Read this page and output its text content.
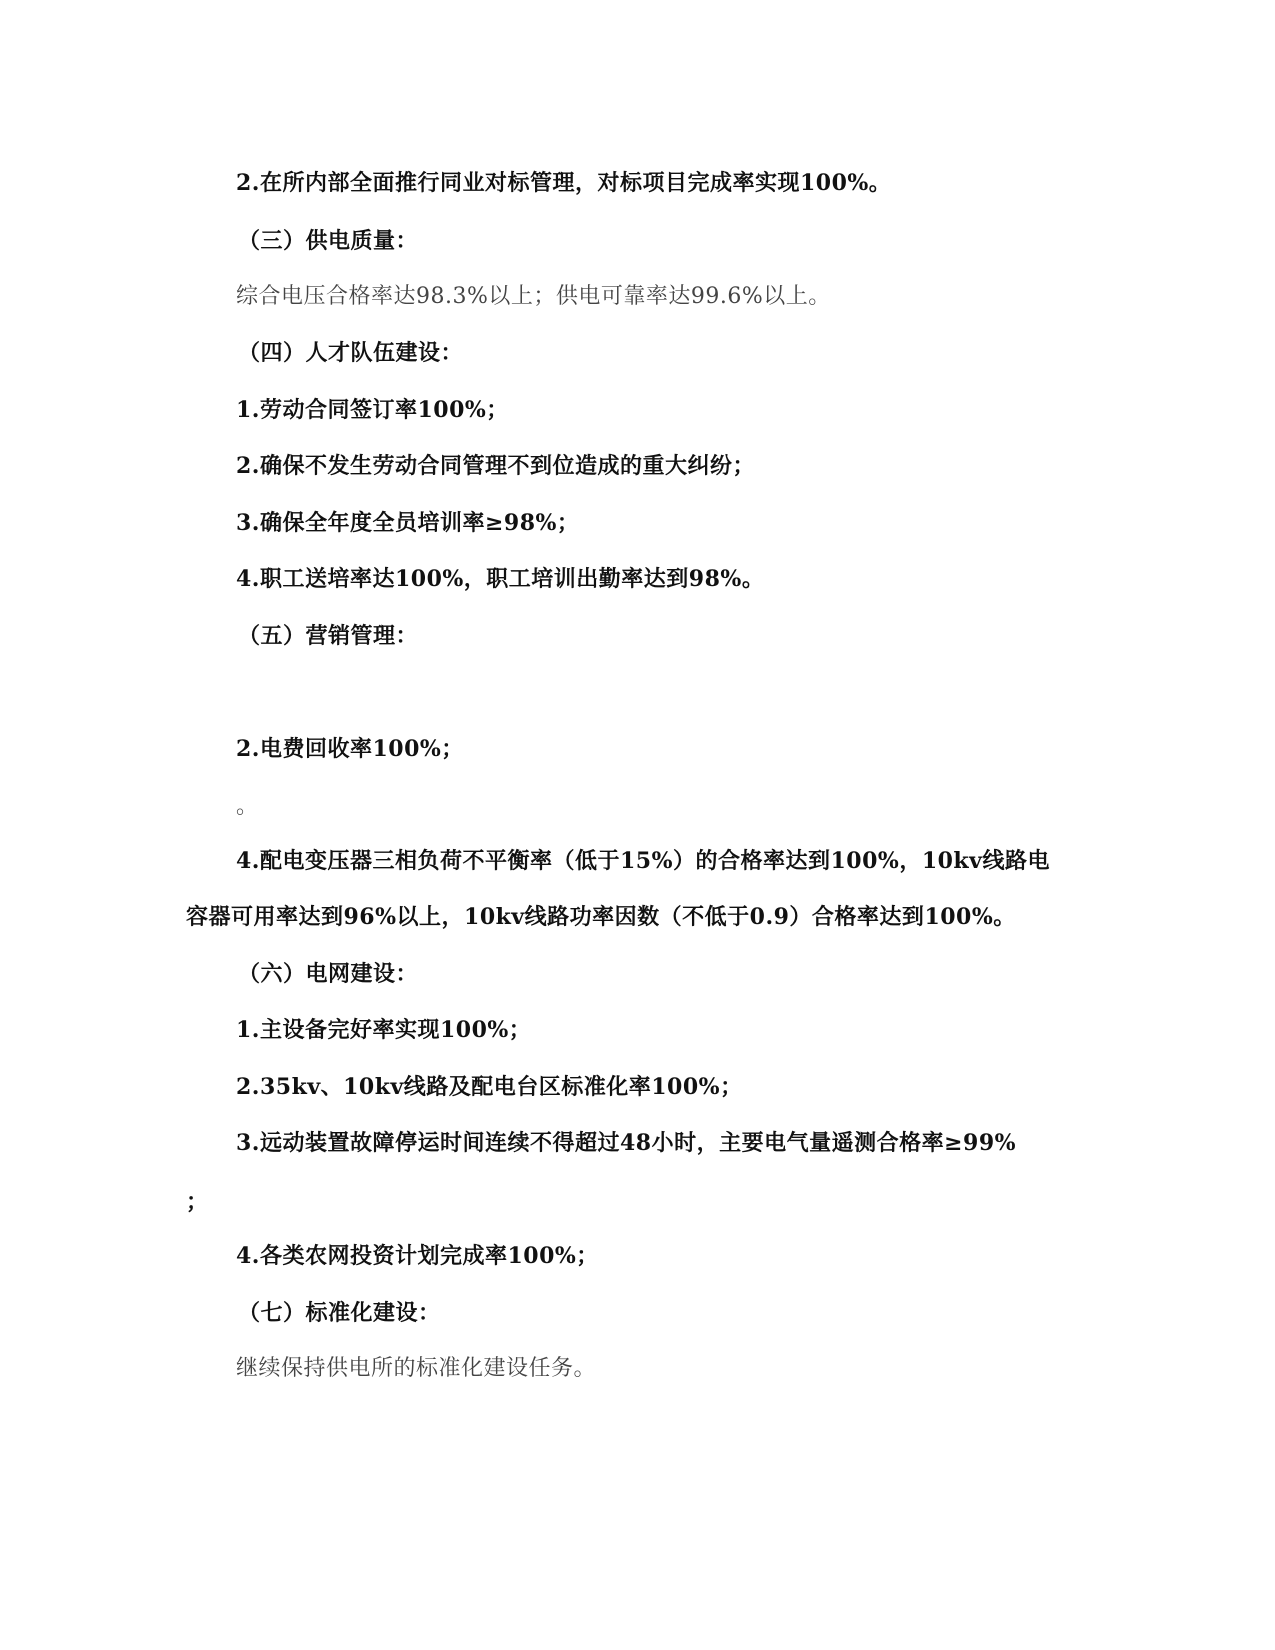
2.在所内部全面推行同业对标管理，对标项目完成率实现100%。
（三）供电质量：
综合电压合格率达98.3%以上；供电可靠率达99.6%以上。
（四）人才队伍建设：
1.劳动合同签订率100%；
2.确保不发生劳动合同管理不到位造成的重大纠纷；
3.确保全年度全员培训率≥98%；
4.职工送培率达100%，职工培训出勤率达到98%。
（五）营销管理：
2.电费回收率100%；
。
4.配电变压器三相负荷不平衡率（低于15%）的合格率达到100%，10kv线路电
容器可用率达到96%以上，10kv线路功率因数（不低于0.9）合格率达到100%。
（六）电网建设：
1.主设备完好率实现100%；
2.35kv、10kv线路及配电台区标准化率100%；
3.远动装置故障停运时间连续不得超过48小时，主要电气量遥测合格率≥99%
；
4.各类农网投资计划完成率100%；
（七）标准化建设：
继续保持供电所的标准化建设任务。
